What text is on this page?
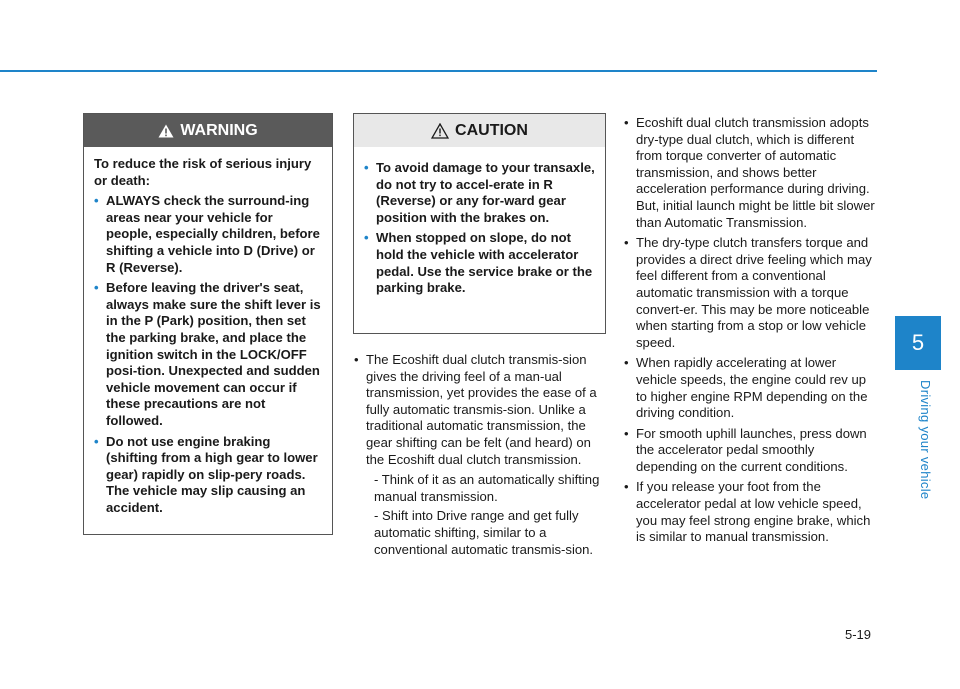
5
Driving your vehicle
5-19
WARNING

To reduce the risk of serious injury or death:

• ALWAYS check the surround-ing areas near your vehicle for people, especially children, before shifting a vehicle into D (Drive) or R (Reverse).
• Before leaving the driver's seat, always make sure the shift lever is in the P (Park) position, then set the parking brake, and place the ignition switch in the LOCK/OFF posi-tion. Unexpected and sudden vehicle movement can occur if these precautions are not followed.
• Do not use engine braking (shifting from a high gear to lower gear) rapidly on slip-pery roads. The vehicle may slip causing an accident.
CAUTION
• To avoid damage to your transaxle, do not try to accel-erate in R (Reverse) or any for-ward gear position with the brakes on.
• When stopped on slope, do not hold the vehicle with accelerator pedal. Use the service brake or the parking brake.
• The Ecoshift dual clutch transmis-sion gives the driving feel of a man-ual transmission, yet provides the ease of a fully automatic transmis-sion. Unlike a traditional automatic transmission, the gear shifting can be felt (and heard) on the Ecoshift dual clutch transmission.
- Think of it as an automatically shifting manual transmission.
- Shift into Drive range and get fully automatic shifting, similar to a conventional automatic transmis-sion.
• Ecoshift dual clutch transmission adopts dry-type dual clutch, which is different from torque converter of automatic transmission, and shows better acceleration performance during driving. But, initial launch might be little bit slower than Automatic Transmission.
• The dry-type clutch transfers torque and provides a direct drive feeling which may feel different from a conventional automatic transmission with a torque convert-er. This may be more noticeable when starting from a stop or low vehicle speed.
• When rapidly accelerating at lower vehicle speeds, the engine could rev up to higher engine RPM depending on the driving condition.
• For smooth uphill launches, press down the accelerator pedal smoothly depending on the current conditions.
• If you release your foot from the accelerator pedal at low vehicle speed, you may feel strong engine brake, which is similar to manual transmission.
